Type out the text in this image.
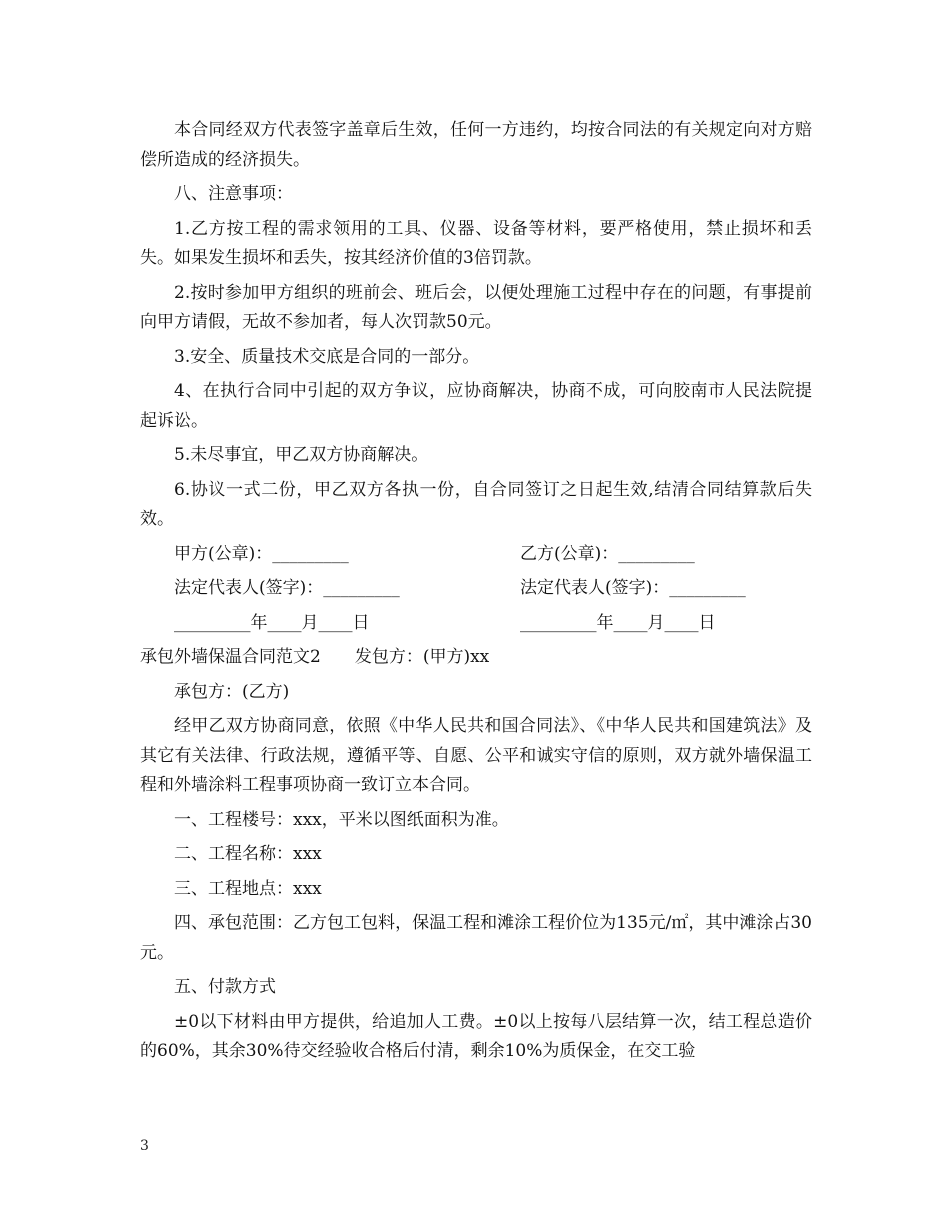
本合同经双方代表签字盖章后生效，任何一方违约，均按合同法的有关规定向对方赔偿所造成的经济损失。

八、注意事项：

1.乙方按工程的需求领用的工具、仪器、设备等材料，要严格使用，禁止损坏和丢失。如果发生损坏和丢失，按其经济价值的3倍罚款。

2.按时参加甲方组织的班前会、班后会，以便处理施工过程中存在的问题，有事提前向甲方请假，无故不参加者，每人次罚款50元。

3.安全、质量技术交底是合同的一部分。

4、在执行合同中引起的双方争议，应协商解决，协商不成，可向胶南市人民法院提起诉讼。

5.未尽事宜，甲乙双方协商解决。

6.协议一式二份，甲乙双方各执一份，自合同签订之日起生效,结清合同结算款后失效。

甲方(公章)：_________	乙方(公章)：_________
法定代表人(签字)：_________	法定代表人(签字)：_________
_________年____月____日	_________年____月____日

承包外墙保温合同范文2 发包方：(甲方)xx

承包方：(乙方)

经甲乙双方协商同意，依照《中华人民共和国合同法》、《中华人民共和国建筑法》及其它有关法律、行政法规，遵循平等、自愿、公平和诚实守信的原则，双方就外墙保温工程和外墙涂料工程事项协商一致订立本合同。

一、工程楼号：xxx，平米以图纸面积为准。

二、工程名称：xxx

三、工程地点：xxx

四、承包范围：乙方包工包料，保温工程和滩涂工程价位为135元/㎡，其中滩涂占30元。

五、付款方式

±0以下材料由甲方提供，给追加人工费。±0以上按每八层结算一次，结工程总造价的60%，其余30%待交经验收合格后付清，剩余10%为质保金，在交工验

3
